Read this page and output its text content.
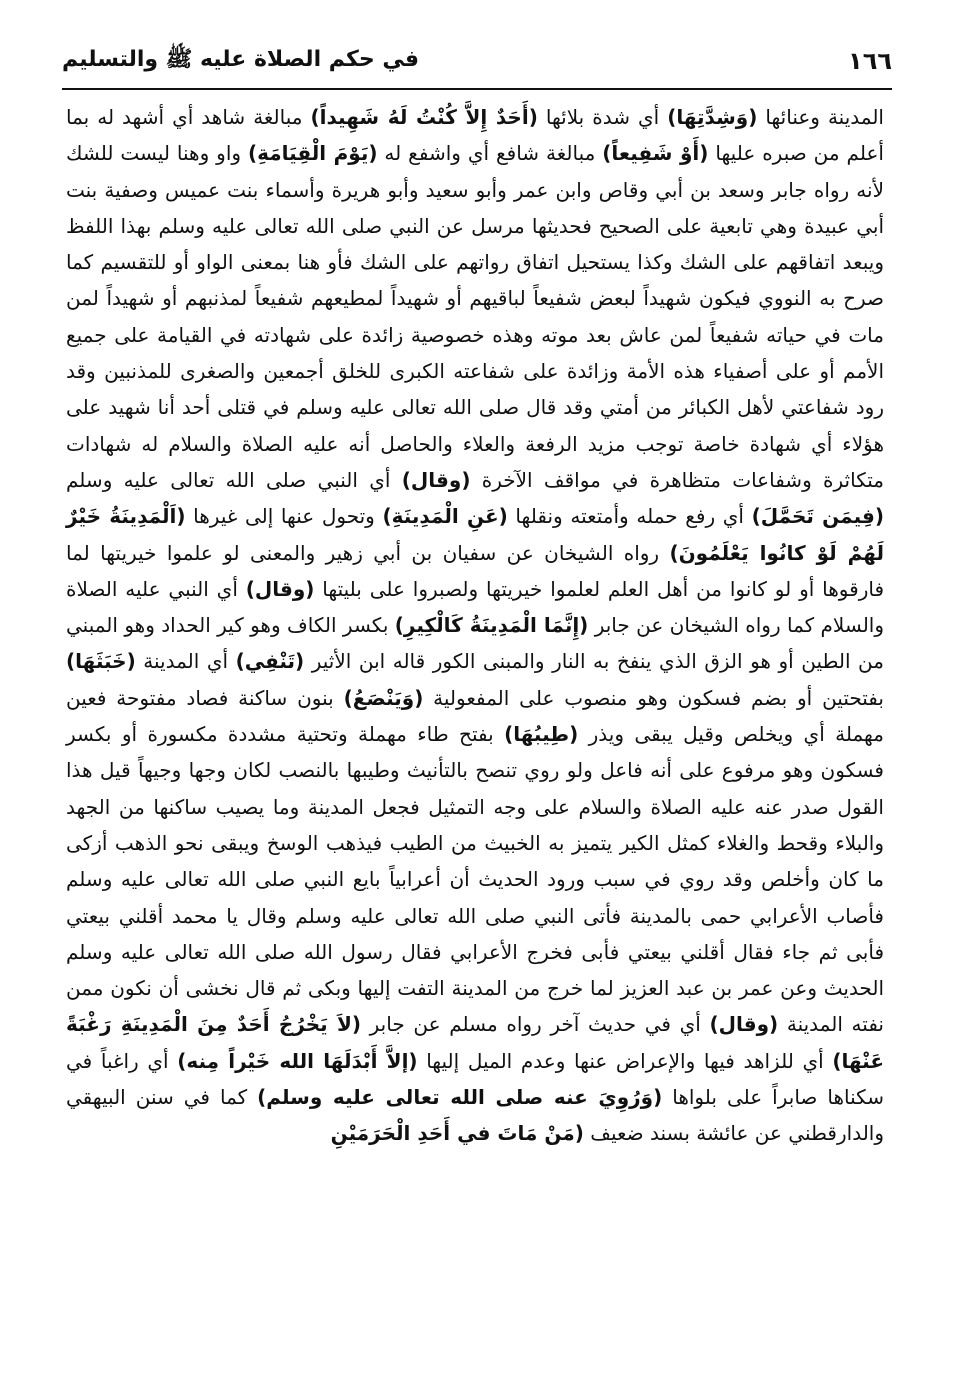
١٦٦
في حكم الصلاة عليه ﷺ والتسليم

المدينة وعنائها (وَشِدَّتِهَا) أي شدة بلائها (أَحَدٌ إِلاَّ كُنْتُ لَهُ شَهِيداً) مبالغة شاهد أي أشهد له بما أعلم من صبره عليها (أَوْ شَفِيعاً) مبالغة شافع أي واشفع له (يَوْمَ الْقِيَامَةِ) واو وهنا ليست للشك لأنه رواه جابر وسعد بن أبي وقاص وابن عمر وأبو سعيد وأبو هريرة وأسماء بنت عميس وصفية بنت أبي عبيدة وهي تابعية على الصحيح فحديثها مرسل عن النبي صلى الله تعالى عليه وسلم بهذا اللفظ ويبعد اتفاقهم على الشك وكذا يستحيل اتفاق رواتهم على الشك فأو هنا بمعنى الواو أو للتقسيم كما صرح به النووي فيكون شهيداً لبعض شفيعاً لباقيهم أو شهيداً لمطيعهم شفيعاً لمذنبهم أو شهيداً لمن مات في حياته شفيعاً لمن عاش بعد موته وهذه خصوصية زائدة على شهادته في القيامة على جميع الأمم أو على أصفياء هذه الأمة وزائدة على شفاعته الكبرى للخلق أجمعين والصغرى للمذنبين وقد رود شفاعتي لأهل الكبائر من أمتي وقد قال صلى الله تعالى عليه وسلم في قتلى أحد أنا شهيد على هؤلاء أي شهادة خاصة توجب مزيد الرفعة والعلاء والحاصل أنه عليه الصلاة والسلام له شهادات متكاثرة وشفاعات متظاهرة في مواقف الآخرة (وقال) أي النبي صلى الله تعالى عليه وسلم (فِيمَن تَحَمَّلَ) أي رفع حمله وأمتعته ونقلها (عَنِ الْمَدِينَةِ) وتحول عنها إلى غيرها (اَلْمَدِينَةُ خَيْرٌ لَهُمْ لَوْ كانُوا يَعْلَمُونَ) رواه الشيخان عن سفيان بن أبي زهير والمعنى لو علموا خيريتها لما فارقوها أو لو كانوا من أهل العلم لعلموا خيريتها ولصبروا على بليتها (وقال) أي النبي عليه الصلاة والسلام كما رواه الشيخان عن جابر (إِنَّمَا الْمَدِينَةُ كَالْكِيرِ) بكسر الكاف وهو كير الحداد وهو المبني من الطين أو هو الزق الذي ينفخ به النار والمبنى الكور قاله ابن الأثير (تَنْفِي) أي المدينة (خَبَثَهَا) بفتحتين أو بضم فسكون وهو منصوب على المفعولية (وَيَنْصَعُ) بنون ساكنة فصاد مفتوحة فعين مهملة أي ويخلص وقيل يبقى ويذر (طِيبُهَا) بفتح طاء مهملة وتحتية مشددة مكسورة أو بكسر فسكون وهو مرفوع على أنه فاعل ولو روي تنصح بالتأنيث وطيبها بالنصب لكان وجها وجيهاً قيل هذا القول صدر عنه عليه الصلاة والسلام على وجه التمثيل فجعل المدينة وما يصيب ساكنها من الجهد والبلاء وقحط والغلاء كمثل الكير يتميز به الخبيث من الطيب فيذهب الوسخ ويبقى نحو الذهب أزكى ما كان وأخلص وقد روي في سبب ورود الحديث أن أعرابياً بايع النبي صلى الله تعالى عليه وسلم فأصاب الأعرابي حمى بالمدينة فأتى النبي صلى الله تعالى عليه وسلم وقال يا محمد أقلني بيعتي فأبى ثم جاء فقال أقلني بيعتي فأبى فخرج الأعرابي فقال رسول الله صلى الله تعالى عليه وسلم الحديث وعن عمر بن عبد العزيز لما خرج من المدينة التفت إليها وبكى ثم قال نخشى أن نكون ممن نفته المدينة (وقال) أي في حديث آخر رواه مسلم عن جابر (لاَ يَخْرُجُ أَحَدٌ مِنَ الْمَدِينَةِ رَغْبَةً عَنْهَا) أي للزاهد فيها والإعراض عنها وعدم الميل إليها (إلاَّ أَبْدَلَهَا الله خَيْراً مِنه) أي راغباً في سكناها صابراً على بلواها (وَرُوِيَ عنه صلى الله تعالى عليه وسلم) كما في سنن البيهقي والدارقطني عن عائشة بسند ضعيف (مَنْ مَاتَ في أَحَدِ الْحَرَمَيْنِ
